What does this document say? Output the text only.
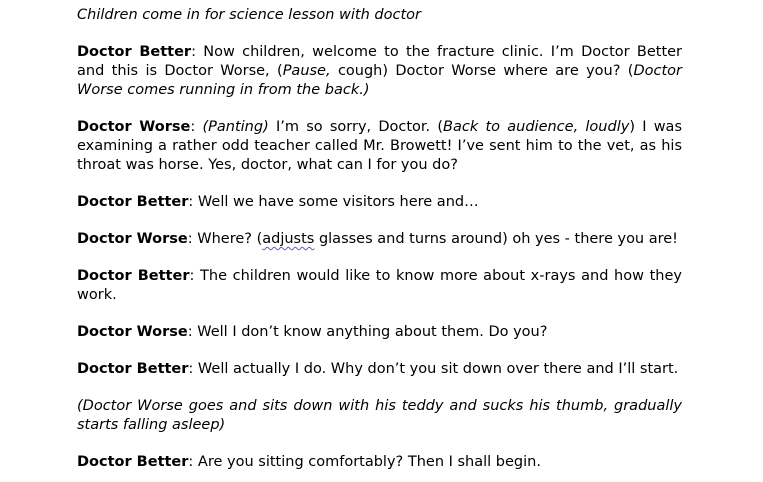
Children come in for science lesson with doctor

Doctor Better: Now children, welcome to the fracture clinic. I’m Doctor Better and this is Doctor Worse, (Pause, cough) Doctor Worse where are you? (Doctor Worse comes running in from the back.)

Doctor Worse: (Panting) I’m so sorry, Doctor. (Back to audience, loudly) I was examining a rather odd teacher called Mr. Browett! I’ve sent him to the vet, as his throat was horse. Yes, doctor, what can I for you do?

Doctor Better: Well we have some visitors here and…

Doctor Worse: Where? (adjusts glasses and turns around) oh yes - there you are!

Doctor Better: The children would like to know more about x-rays and how they work.

Doctor Worse: Well I don’t know anything about them. Do you?

Doctor Better: Well actually I do. Why don’t you sit down over there and I’ll start.

(Doctor Worse goes and sits down with his teddy and sucks his thumb, gradually starts falling asleep)

Doctor Better: Are you sitting comfortably? Then I shall begin.
